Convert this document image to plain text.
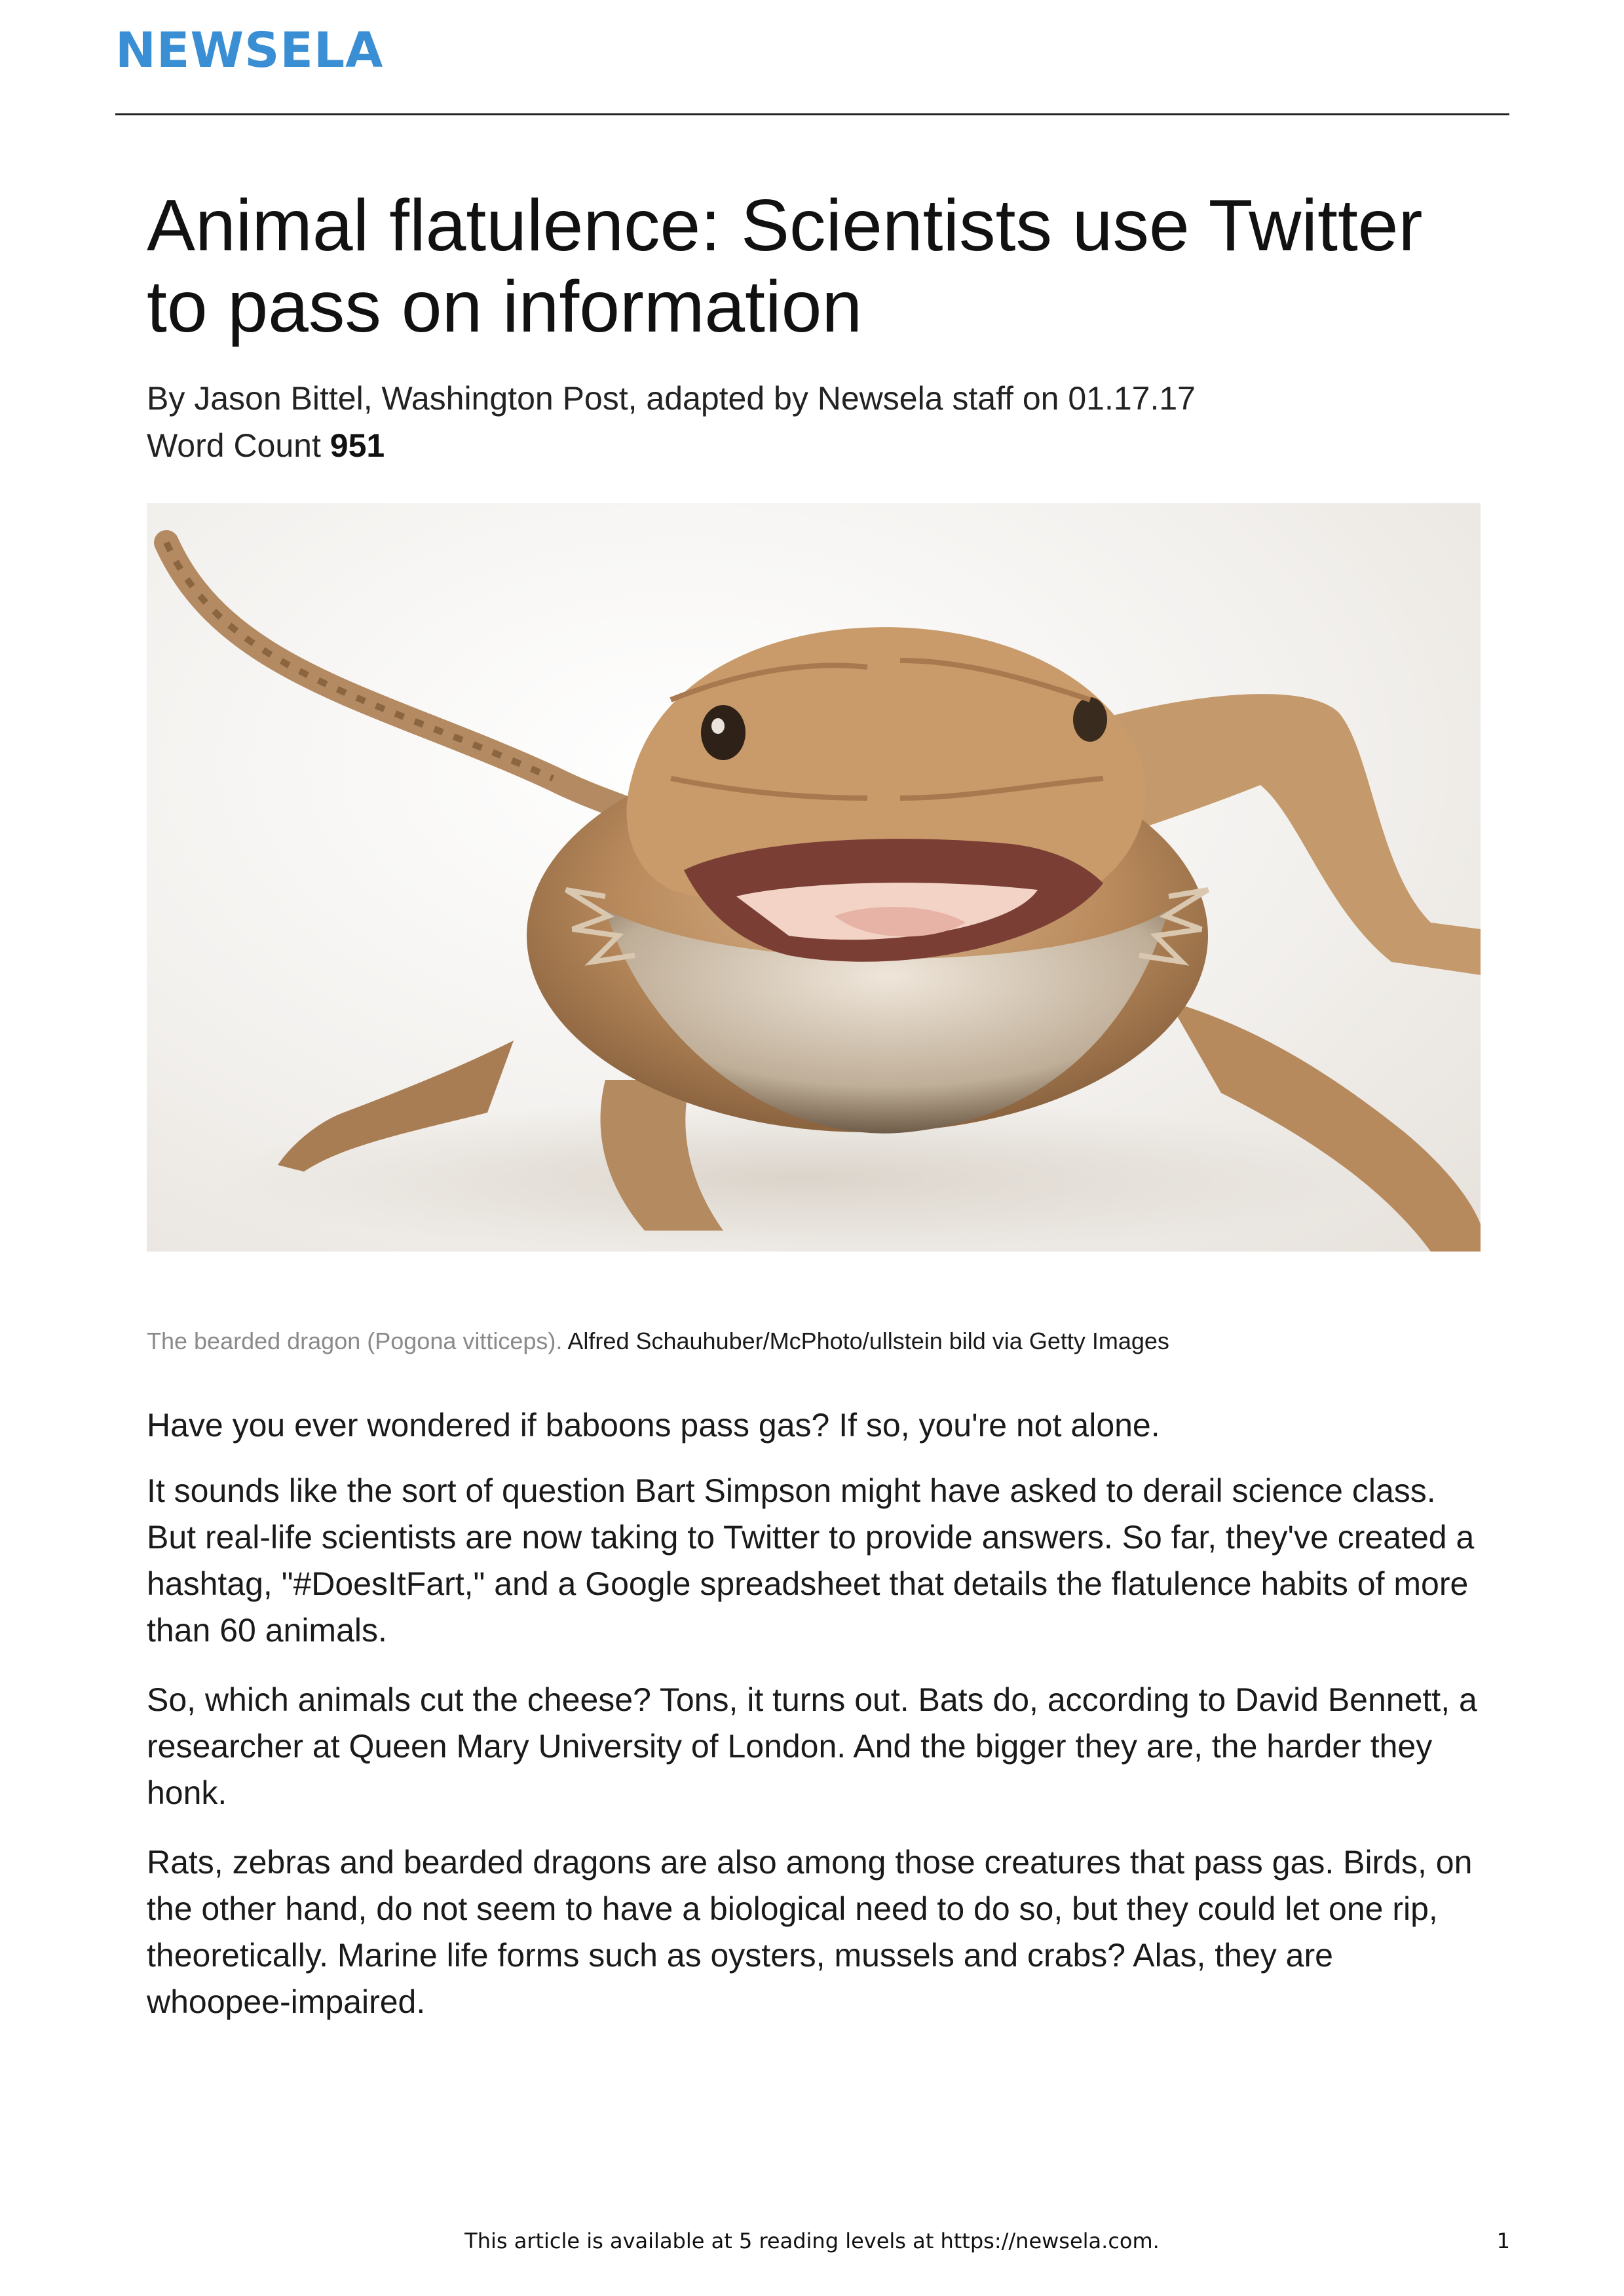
NEWSELA
Animal flatulence: Scientists use Twitter to pass on information
By Jason Bittel, Washington Post, adapted by Newsela staff on 01.17.17
Word Count 951
The bearded dragon (Pogona vitticeps). Alfred Schauhuber/McPhoto/ullstein bild via Getty Images

Have you ever wondered if baboons pass gas? If so, you're not alone.

It sounds like the sort of question Bart Simpson might have asked to derail science class. But real-life scientists are now taking to Twitter to provide answers. So far, they've created a hashtag, "#DoesItFart," and a Google spreadsheet that details the flatulence habits of more than 60 animals.

So, which animals cut the cheese? Tons, it turns out. Bats do, according to David Bennett, a researcher at Queen Mary University of London. And the bigger they are, the harder they honk.

Rats, zebras and bearded dragons are also among those creatures that pass gas. Birds, on the other hand, do not seem to have a biological need to do so, but they could let one rip, theoretically. Marine life forms such as oysters, mussels and crabs? Alas, they are whoopee-impaired.

This article is available at 5 reading levels at https://newsela.com.	1
